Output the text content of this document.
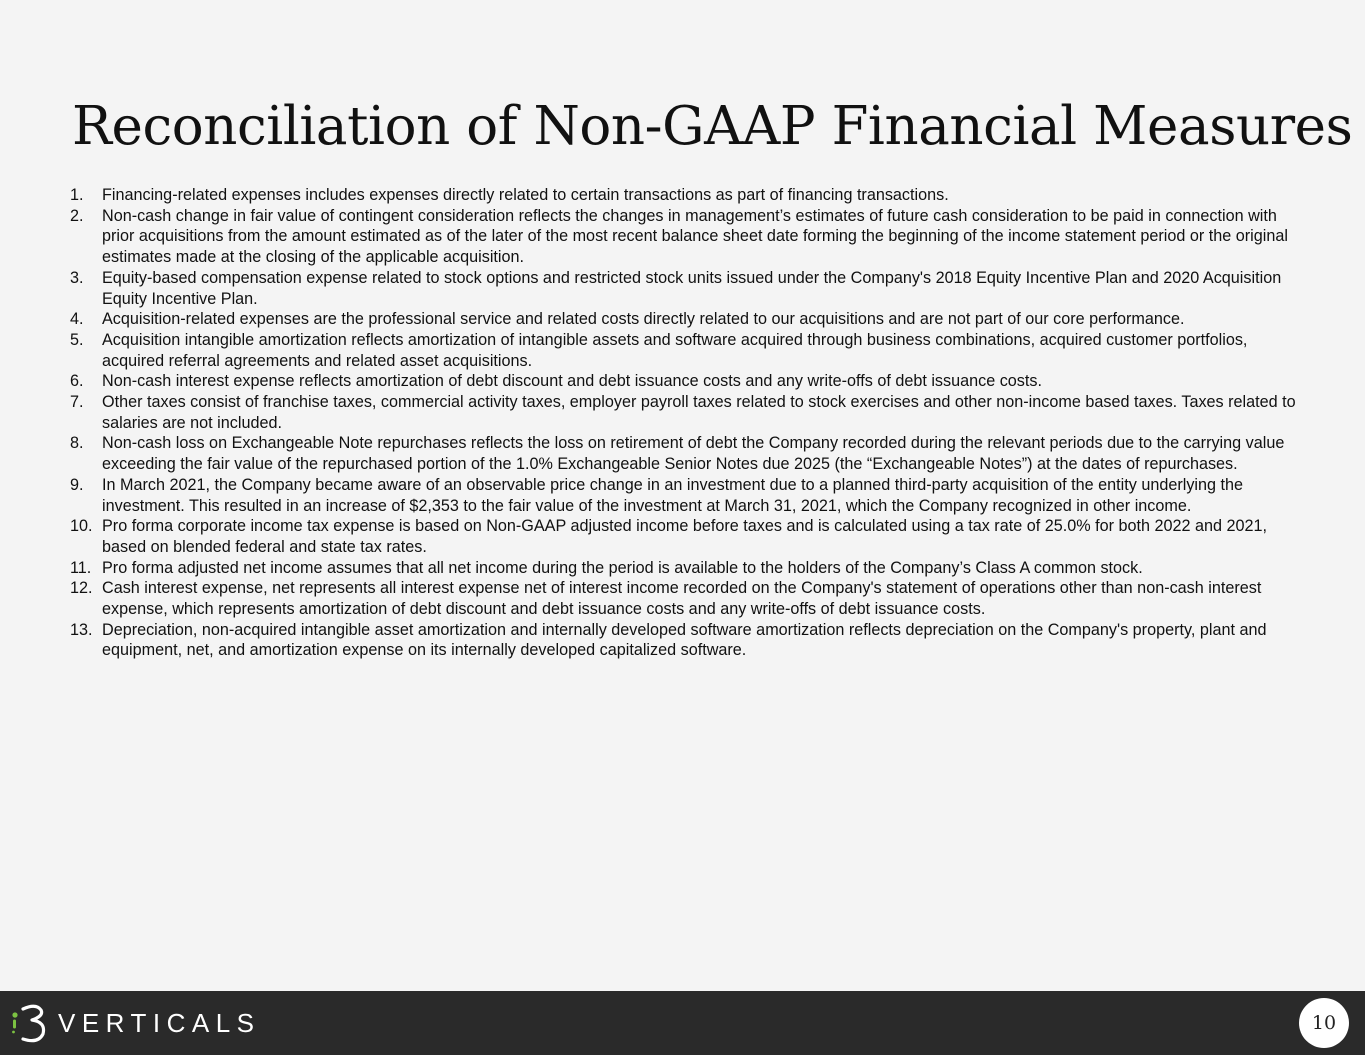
Reconciliation of Non-GAAP Financial Measures
1.	Financing-related expenses includes expenses directly related to certain transactions as part of financing transactions.
2.	Non-cash change in fair value of contingent consideration reflects the changes in management’s estimates of future cash consideration to be paid in connection with prior acquisitions from the amount estimated as of the later of the most recent balance sheet date forming the beginning of the income statement period or the original estimates made at the closing of the applicable acquisition.
3.	Equity-based compensation expense related to stock options and restricted stock units issued under the Company's 2018 Equity Incentive Plan and 2020 Acquisition Equity Incentive Plan.
4.	Acquisition-related expenses are the professional service and related costs directly related to our acquisitions and are not part of our core performance.
5.	Acquisition intangible amortization reflects amortization of intangible assets and software acquired through business combinations, acquired customer portfolios, acquired referral agreements and related asset acquisitions.
6.	Non-cash interest expense reflects amortization of debt discount and debt issuance costs and any write-offs of debt issuance costs.
7.	Other taxes consist of franchise taxes, commercial activity taxes, employer payroll taxes related to stock exercises and other non-income based taxes. Taxes related to salaries are not included.
8.	Non-cash loss on Exchangeable Note repurchases reflects the loss on retirement of debt the Company recorded during the relevant periods due to the carrying value exceeding the fair value of the repurchased portion of the 1.0% Exchangeable Senior Notes due 2025 (the “Exchangeable Notes”) at the dates of repurchases.
9.	In March 2021, the Company became aware of an observable price change in an investment due to a planned third-party acquisition of the entity underlying the investment. This resulted in an increase of $2,353 to the fair value of the investment at March 31, 2021, which the Company recognized in other income.
10. Pro forma corporate income tax expense is based on Non-GAAP adjusted income before taxes and is calculated using a tax rate of 25.0% for both 2022 and 2021, based on blended federal and state tax rates.
11. Pro forma adjusted net income assumes that all net income during the period is available to the holders of the Company’s Class A common stock.
12. Cash interest expense, net represents all interest expense net of interest income recorded on the Company's statement of operations other than non-cash interest expense, which represents amortization of debt discount and debt issuance costs and any write-offs of debt issuance costs.
13. Depreciation, non-acquired intangible asset amortization and internally developed software amortization reflects depreciation on the Company's property, plant and equipment, net, and amortization expense on its internally developed capitalized software.
VERTICALS	10
